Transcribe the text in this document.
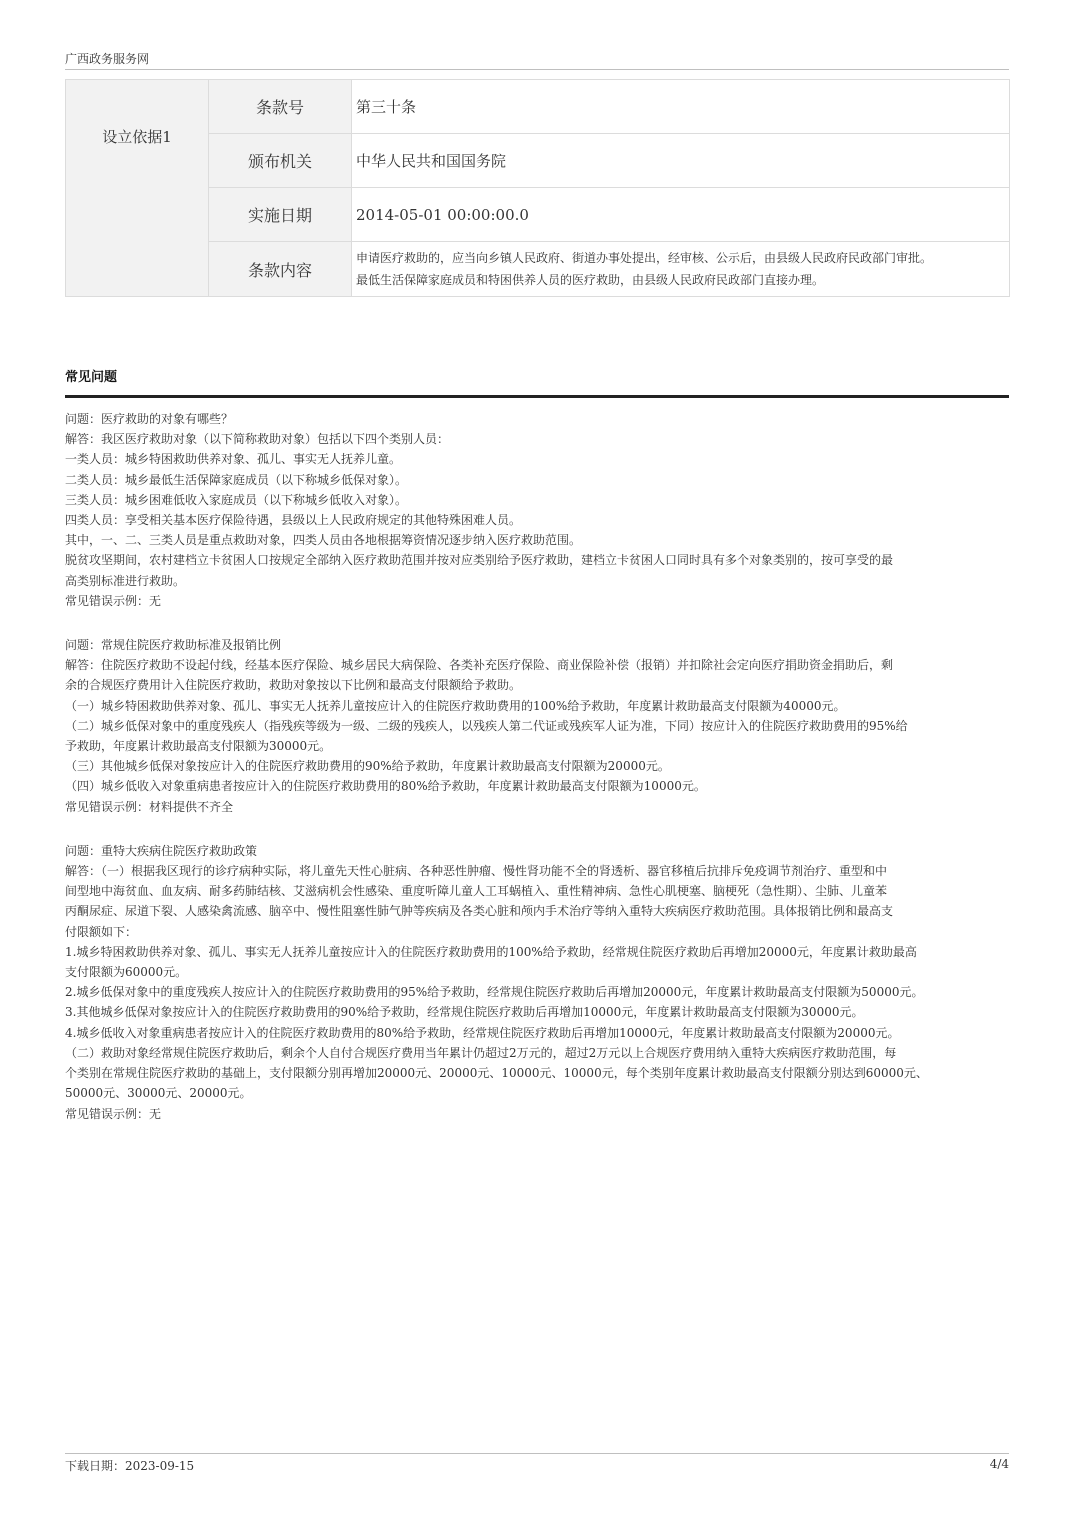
广西政务服务网
设立依据1	条款号	第三十条
	颁布机关	中华人民共和国国务院
	实施日期	2014-05-01 00:00:00.0
	条款内容	申请医疗救助的，应当向乡镇人民政府、街道办事处提出，经审核、公示后，由县级人民政府民政部门审批。
最低生活保障家庭成员和特困供养人员的医疗救助，由县级人民政府民政部门直接办理。
常见问题

问题：医疗救助的对象有哪些？

解答：我区医疗救助对象（以下简称救助对象）包括以下四个类别人员：

一类人员：城乡特困救助供养对象、孤儿、事实无人抚养儿童。

二类人员：城乡最低生活保障家庭成员（以下称城乡低保对象）。

三类人员：城乡困难低收入家庭成员（以下称城乡低收入对象）。

四类人员：享受相关基本医疗保险待遇，县级以上人民政府规定的其他特殊困难人员。

其中，一、二、三类人员是重点救助对象，四类人员由各地根据筹资情况逐步纳入医疗救助范围。

脱贫攻坚期间，农村建档立卡贫困人口按规定全部纳入医疗救助范围并按对应类别给予医疗救助，建档立卡贫困人口同时具有多个对象类别的，按可享受的最

高类别标准进行救助。

常见错误示例：无

问题：常规住院医疗救助标准及报销比例

解答：住院医疗救助不设起付线，经基本医疗保险、城乡居民大病保险、各类补充医疗保险、商业保险补偿（报销）并扣除社会定向医疗捐助资金捐助后，剩

余的合规医疗费用计入住院医疗救助，救助对象按以下比例和最高支付限额给予救助。

（一）城乡特困救助供养对象、孤儿、事实无人抚养儿童按应计入的住院医疗救助费用的100%给予救助，年度累计救助最高支付限额为40000元。

（二）城乡低保对象中的重度残疾人（指残疾等级为一级、二级的残疾人，以残疾人第二代证或残疾军人证为准，下同）按应计入的住院医疗救助费用的95%给

予救助，年度累计救助最高支付限额为30000元。

（三）其他城乡低保对象按应计入的住院医疗救助费用的90%给予救助，年度累计救助最高支付限额为20000元。

（四）城乡低收入对象重病患者按应计入的住院医疗救助费用的80%给予救助，年度累计救助最高支付限额为10000元。

常见错误示例：材料提供不齐全

问题：重特大疾病住院医疗救助政策

解答：（一）根据我区现行的诊疗病种实际，将儿童先天性心脏病、各种恶性肿瘤、慢性肾功能不全的肾透析、器官移植后抗排斥免疫调节剂治疗、重型和中

间型地中海贫血、血友病、耐多药肺结核、艾滋病机会性感染、重度听障儿童人工耳蜗植入、重性精神病、急性心肌梗塞、脑梗死（急性期）、尘肺、儿童苯

丙酮尿症、尿道下裂、人感染禽流感、脑卒中、慢性阻塞性肺气肿等疾病及各类心脏和颅内手术治疗等纳入重特大疾病医疗救助范围。具体报销比例和最高支

付限额如下：

1.城乡特困救助供养对象、孤儿、事实无人抚养儿童按应计入的住院医疗救助费用的100%给予救助，经常规住院医疗救助后再增加20000元，年度累计救助最高

支付限额为60000元。

2.城乡低保对象中的重度残疾人按应计入的住院医疗救助费用的95%给予救助，经常规住院医疗救助后再增加20000元，年度累计救助最高支付限额为50000元。

3.其他城乡低保对象按应计入的住院医疗救助费用的90%给予救助，经常规住院医疗救助后再增加10000元，年度累计救助最高支付限额为30000元。

4.城乡低收入对象重病患者按应计入的住院医疗救助费用的80%给予救助，经常规住院医疗救助后再增加10000元，年度累计救助最高支付限额为20000元。

（二）救助对象经常规住院医疗救助后，剩余个人自付合规医疗费用当年累计仍超过2万元的，超过2万元以上合规医疗费用纳入重特大疾病医疗救助范围，每

个类别在常规住院医疗救助的基础上，支付限额分别再增加20000元、20000元、10000元、10000元，每个类别年度累计救助最高支付限额分别达到60000元、

50000元、30000元、20000元。

常见错误示例：无

下载日期：2023-09-15	4/4
